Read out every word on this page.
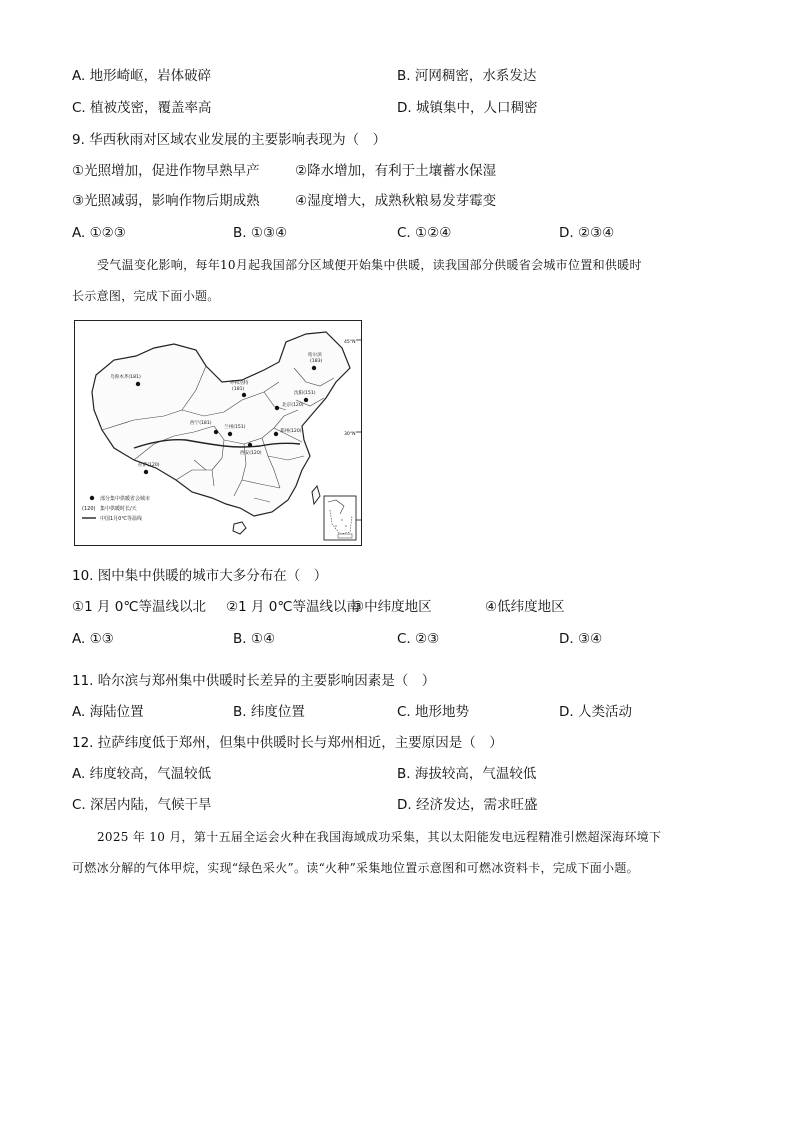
A. 地形崎岖，岩体破碎	B. 河网稠密，水系发达
C. 植被茂密，覆盖率高	D. 城镇集中，人口稠密
9. 华西秋雨对区域农业发展的主要影响表现为（　）
①光照增加，促进作物早熟早产	②降水增加，有利于土壤蓄水保湿
③光照减弱，影响作物后期成熟	④湿度增大，成熟秋粮易发芽霉变
A. ①②③	B. ①③④	C. ①②④	D. ②③④
受气温变化影响，每年10月起我国部分区域便开始集中供暖，读我国部分供暖省会城市位置和供暖时
长示意图，完成下面小题。
乌鲁木齐(181)
哈尔滨
(183)
呼和浩特
(181)
沈阳(151)
北京(120)
西宁(181)
兰州(151)
郑州(120)
西安(120)
拉萨(120)
45°N
30°N
部分集中供暖省会城市
(120) 集中供暖时长/天
中国1月0℃等温线
10. 图中集中供暖的城市大多分布在（　）
①1 月 0℃等温线以北 ②1 月 0℃等温线以南
③中纬度地区	④低纬度地区
A. ①③	B. ①④	C. ②③	D. ③④
11. 哈尔滨与郑州集中供暖时长差异的主要影响因素是（　）
A. 海陆位置	B. 纬度位置	C. 地形地势	D. 人类活动
12. 拉萨纬度低于郑州，但集中供暖时长与郑州相近，主要原因是（　）
A. 纬度较高，气温较低	B. 海拔较高，气温较低
C. 深居内陆，气候干旱	D. 经济发达，需求旺盛
2025 年 10 月，第十五届全运会火种在我国海域成功采集，其以太阳能发电远程精准引燃超深海环境下
可燃冰分解的气体甲烷，实现“绿色采火”。读“火种”采集地位置示意图和可燃冰资料卡，完成下面小题。
